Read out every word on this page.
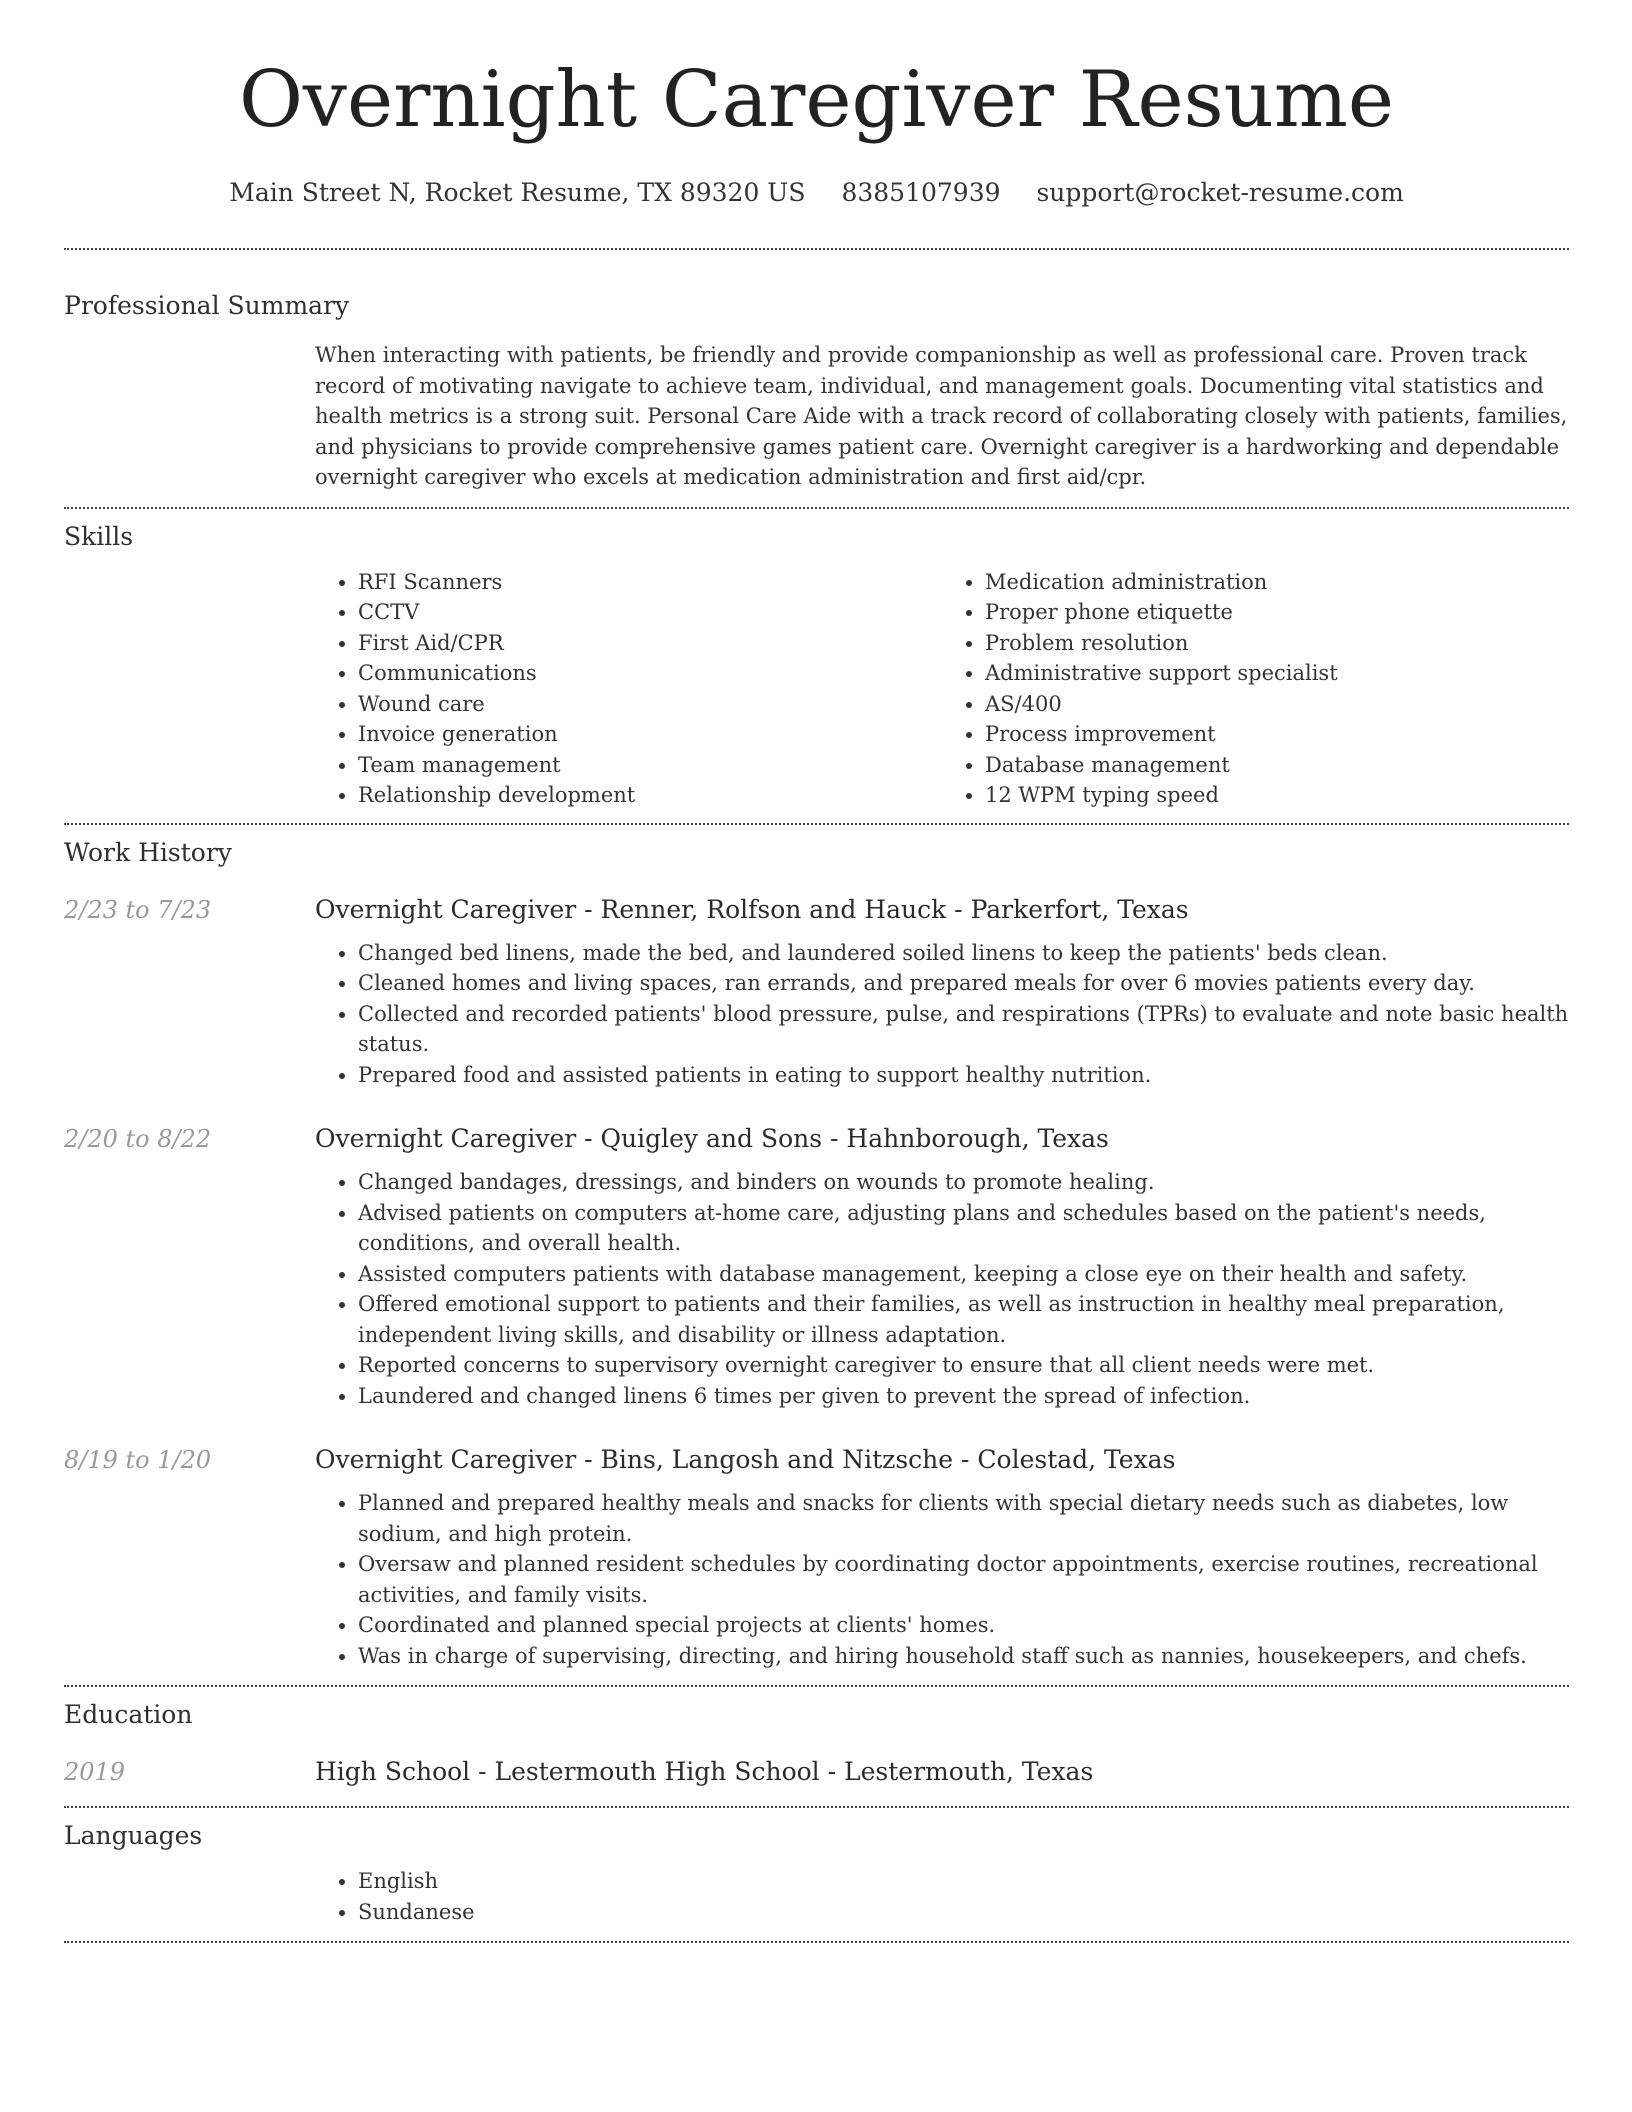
Overnight Caregiver Resume
Main Street N, Rocket Resume, TX 89320 US 8385107939 support@rocket-resume.com
Professional Summary
When interacting with patients, be friendly and provide companionship as well as professional care. Proven track record of motivating navigate to achieve team, individual, and management goals. Documenting vital statistics and health metrics is a strong suit. Personal Care Aide with a track record of collaborating closely with patients, families, and physicians to provide comprehensive games patient care. Overnight caregiver is a hardworking and dependable overnight caregiver who excels at medication administration and first aid/cpr.
Skills
• RFI Scanners
• CCTV
• First Aid/CPR
• Communications
• Wound care
• Invoice generation
• Team management
• Relationship development
• Medication administration
• Proper phone etiquette
• Problem resolution
• Administrative support specialist
• AS/400
• Process improvement
• Database management
• 12 WPM typing speed
Work History
2/23 to 7/23	Overnight Caregiver - Renner, Rolfson and Hauck - Parkerfort, Texas
• Changed bed linens, made the bed, and laundered soiled linens to keep the patients' beds clean.
• Cleaned homes and living spaces, ran errands, and prepared meals for over 6 movies patients every day.
• Collected and recorded patients' blood pressure, pulse, and respirations (TPRs) to evaluate and note basic health status.
• Prepared food and assisted patients in eating to support healthy nutrition.
2/20 to 8/22	Overnight Caregiver - Quigley and Sons - Hahnborough, Texas
• Changed bandages, dressings, and binders on wounds to promote healing.
• Advised patients on computers at-home care, adjusting plans and schedules based on the patient's needs, conditions, and overall health.
• Assisted computers patients with database management, keeping a close eye on their health and safety.
• Offered emotional support to patients and their families, as well as instruction in healthy meal preparation, independent living skills, and disability or illness adaptation.
• Reported concerns to supervisory overnight caregiver to ensure that all client needs were met.
• Laundered and changed linens 6 times per given to prevent the spread of infection.
8/19 to 1/20	Overnight Caregiver - Bins, Langosh and Nitzsche - Colestad, Texas
• Planned and prepared healthy meals and snacks for clients with special dietary needs such as diabetes, low sodium, and high protein.
• Oversaw and planned resident schedules by coordinating doctor appointments, exercise routines, recreational activities, and family visits.
• Coordinated and planned special projects at clients' homes.
• Was in charge of supervising, directing, and hiring household staff such as nannies, housekeepers, and chefs.
Education
2019	High School - Lestermouth High School - Lestermouth, Texas
Languages
• English
• Sundanese
